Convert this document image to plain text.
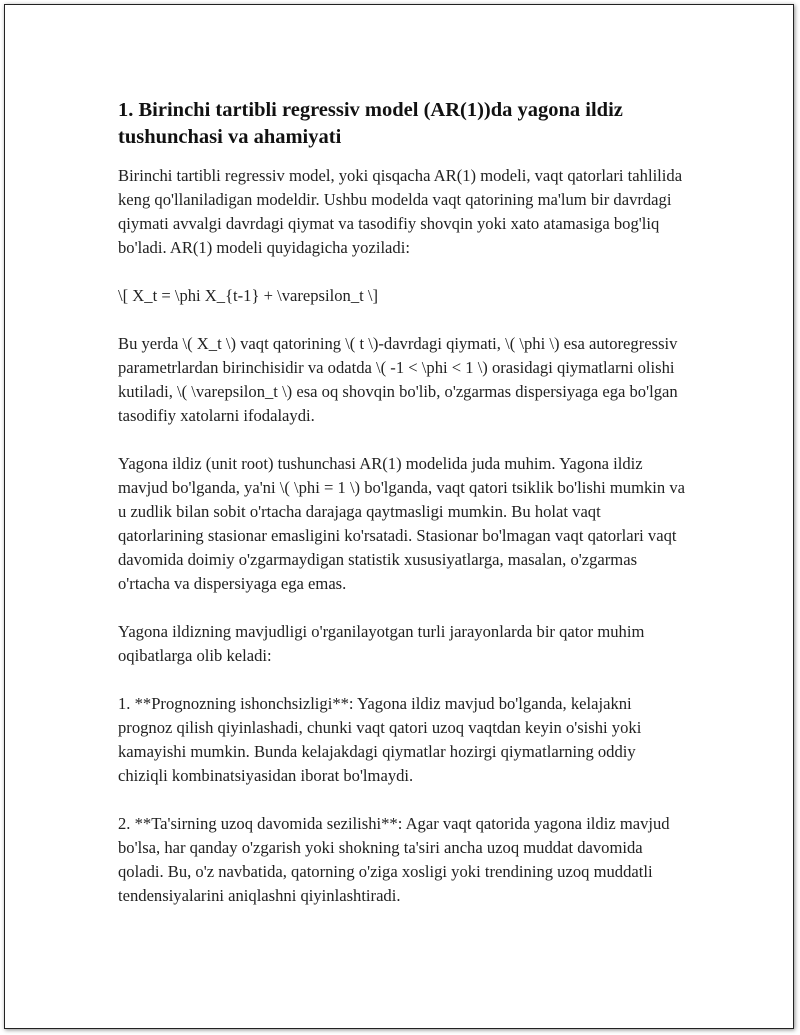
1. Birinchi tartibli regressiv model (AR(1))da yagona ildiz tushunchasi va ahamiyati

Birinchi tartibli regressiv model, yoki qisqacha AR(1) modeli, vaqt qatorlari tahlilida keng qo'llaniladigan modeldir. Ushbu modelda vaqt qatorining ma'lum bir davrdagi qiymati avvalgi davrdagi qiymat va tasodifiy shovqin yoki xato atamasiga bog'liq bo'ladi. AR(1) modeli quyidagicha yoziladi:

\[ X_t = \phi X_{t-1} + \varepsilon_t \]

Bu yerda \( X_t \) vaqt qatorining \( t \)-davrdagi qiymati, \( \phi \) esa autoregressiv parametrlardan birinchisidir va odatda \( -1 < \phi < 1 \) orasidagi qiymatlarni olishi kutiladi, \( \varepsilon_t \) esa oq shovqin bo'lib, o'zgarmas dispersiyaga ega bo'lgan tasodifiy xatolarni ifodalaydi.

Yagona ildiz (unit root) tushunchasi AR(1) modelida juda muhim. Yagona ildiz mavjud bo'lganda, ya'ni \( \phi = 1 \) bo'lganda, vaqt qatori tsiklik bo'lishi mumkin va u zudlik bilan sobit o'rtacha darajaga qaytmasligi mumkin. Bu holat vaqt qatorlarining stasionar emasligini ko'rsatadi. Stasionar bo'lmagan vaqt qatorlari vaqt davomida doimiy o'zgarmaydigan statistik xususiyatlarga, masalan, o'zgarmas o'rtacha va dispersiyaga ega emas.

Yagona ildizning mavjudligi o'rganilayotgan turli jarayonlarda bir qator muhim oqibatlarga olib keladi:

1. **Prognozning ishonchsizligi**: Yagona ildiz mavjud bo'lganda, kelajakni prognoz qilish qiyinlashadi, chunki vaqt qatori uzoq vaqtdan keyin o'sishi yoki kamayishi mumkin. Bunda kelajakdagi qiymatlar hozirgi qiymatlarning oddiy chiziqli kombinatsiyasidan iborat bo'lmaydi.

2. **Ta'sirning uzoq davomida sezilishi**: Agar vaqt qatorida yagona ildiz mavjud bo'lsa, har qanday o'zgarish yoki shokning ta'siri ancha uzoq muddat davomida qoladi. Bu, o'z navbatida, qatorning o'ziga xosligi yoki trendining uzoq muddatli tendensiyalarini aniqlashni qiyinlashtiradi.
